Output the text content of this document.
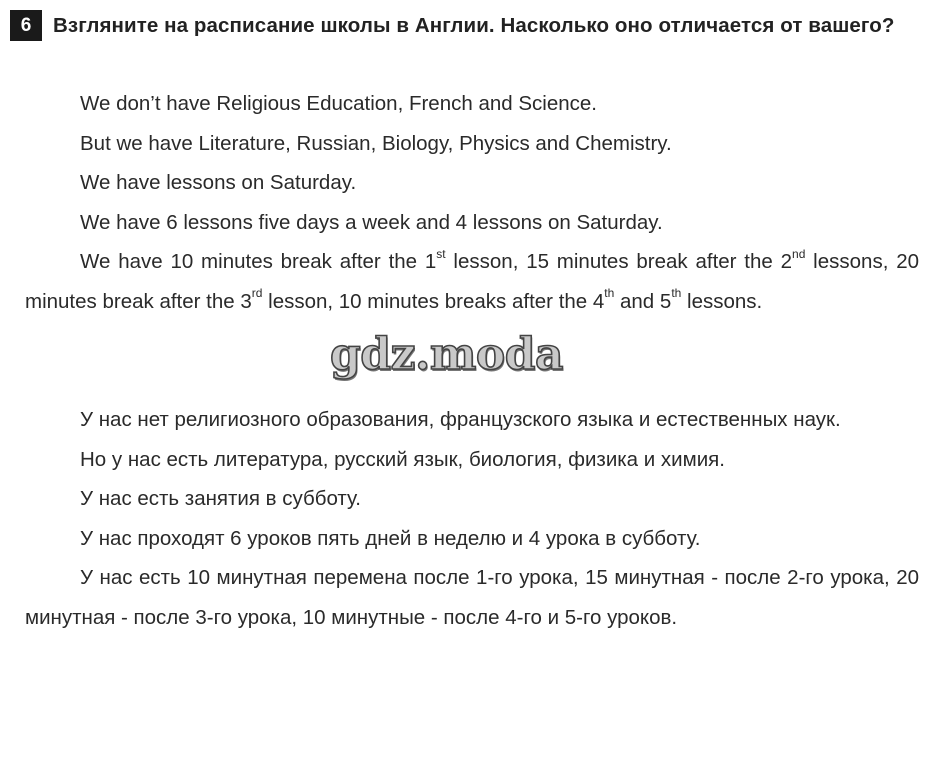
6	Взгляните на расписание школы в Англии. Насколько оно отличается от вашего?

We don’t have Religious Education, French and Science.

But we have Literature, Russian, Biology, Physics and Chemistry.

We have lessons on Saturday.

We have 6 lessons five days a week and 4 lessons on Saturday.

We have 10 minutes break after the 1st lesson, 15 minutes break after the 2nd lessons, 20 minutes break after the 3rd lesson, 10 minutes breaks after the 4th and 5th lessons.

gdz.moda

У нас нет религиозного образования, французского языка и естественных наук.

Но у нас есть литература, русский язык, биология, физика и химия.

У нас есть занятия в субботу.

У нас проходят 6 уроков пять дней в неделю и 4 урока в субботу.

У нас есть 10 минутная перемена после 1-го урока, 15 минутная - после 2-го урока, 20 минутная - после 3-го урока, 10 минутные - после 4-го и 5-го уроков.
